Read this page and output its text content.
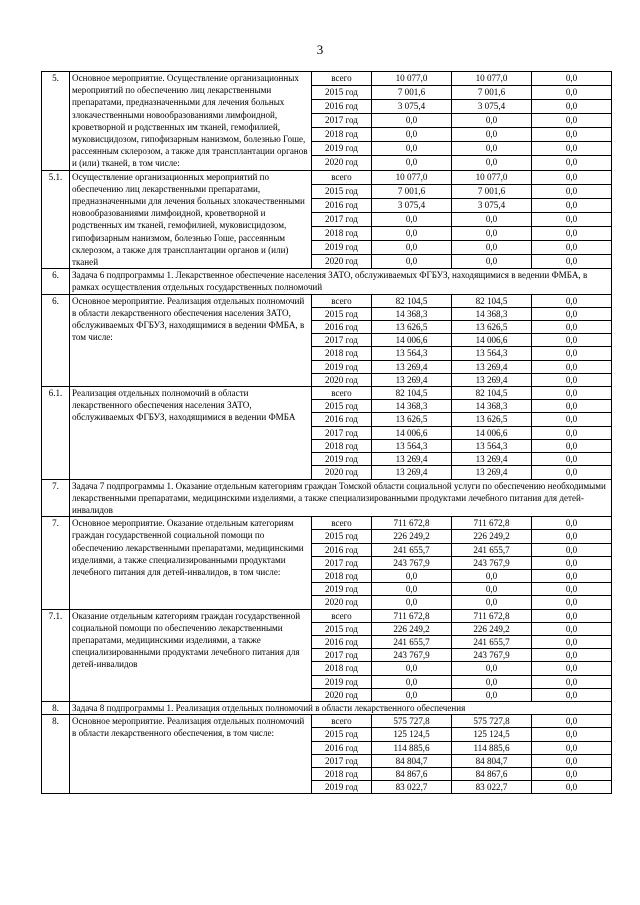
3
5.	Основное мероприятие. Осуществление организационных мероприятий по обеспечению лиц лекарственными препаратами, предназначенными для лечения больных злокачественными новообразованиями лимфоидной, кроветворной и родственных им тканей, гемофилией, муковисцидозом, гипофизарным нанизмом, болезнью Гоше, рассеянным склерозом, а также для трансплантации органов и (или) тканей, в том числе:	всего	10 077,0	10 077,0	0,0
		2015 год	7 001,6	7 001,6	0,0
		2016 год	3 075,4	3 075,4	0,0
		2017 год	0,0	0,0	0,0
		2018 год	0,0	0,0	0,0
		2019 год	0,0	0,0	0,0
		2020 год	0,0	0,0	0,0
5.1.	Осуществление организационных мероприятий по обеспечению лиц лекарственными препаратами, предназначенными для лечения больных злокачественными новообразованиями лимфоидной, кроветворной и родственных им тканей, гемофилией, муковисцидозом, гипофизарным нанизмом, болезнью Гоше, рассеянным склерозом, а также для трансплантации органов и (или) тканей	всего	10 077,0	10 077,0	0,0
		2015 год	7 001,6	7 001,6	0,0
		2016 год	3 075,4	3 075,4	0,0
		2017 год	0,0	0,0	0,0
		2018 год	0,0	0,0	0,0
		2019 год	0,0	0,0	0,0
		2020 год	0,0	0,0	0,0
6.	Задача 6 подпрограммы 1. Лекарственное обеспечение населения ЗАТО, обслуживаемых ФГБУЗ, находящимися в ведении ФМБА, в рамках осуществления отдельных государственных полномочий				
6.	Основное мероприятие. Реализация отдельных полномочий в области лекарственного обеспечения населения ЗАТО, обслуживаемых ФГБУЗ, находящимися в ведении ФМБА, в том числе:	всего	82 104,5	82 104,5	0,0
		2015 год	14 368,3	14 368,3	0,0
		2016 год	13 626,5	13 626,5	0,0
		2017 год	14 006,6	14 006,6	0,0
		2018 год	13 564,3	13 564,3	0,0
		2019 год	13 269,4	13 269,4	0,0
		2020 год	13 269,4	13 269,4	0,0
6.1.	Реализация отдельных полномочий в области лекарственного обеспечения населения ЗАТО, обслуживаемых ФГБУЗ, находящимися в ведении ФМБА	всего	82 104,5	82 104,5	0,0
		2015 год	14 368,3	14 368,3	0,0
		2016 год	13 626,5	13 626,5	0,0
		2017 год	14 006,6	14 006,6	0,0
		2018 год	13 564,3	13 564,3	0,0
		2019 год	13 269,4	13 269,4	0,0
		2020 год	13 269,4	13 269,4	0,0
7.	Задача 7 подпрограммы 1. Оказание отдельным категориям граждан Томской области социальной услуги по обеспечению необходимыми лекарственными препаратами, медицинскими изделиями, а также специализированными продуктами лечебного питания для детей-инвалидов				
7.	Основное мероприятие. Оказание отдельным категориям граждан государственной социальной помощи по обеспечению лекарственными препаратами, медицинскими изделиями, а также специализированными продуктами лечебного питания для детей-инвалидов, в том числе:	всего	711 672,8	711 672,8	0,0
		2015 год	226 249,2	226 249,2	0,0
		2016 год	241 655,7	241 655,7	0,0
		2017 год	243 767,9	243 767,9	0,0
		2018 год	0,0	0,0	0,0
		2019 год	0,0	0,0	0,0
		2020 год	0,0	0,0	0,0
7.1.	Оказание отдельным категориям граждан государственной социальной помощи по обеспечению лекарственными препаратами, медицинскими изделиями, а также специализированными продуктами лечебного питания для детей-инвалидов	всего	711 672,8	711 672,8	0,0
		2015 год	226 249,2	226 249,2	0,0
		2016 год	241 655,7	241 655,7	0,0
		2017 год	243 767,9	243 767,9	0,0
		2018 год	0,0	0,0	0,0
		2019 год	0,0	0,0	0,0
		2020 год	0,0	0,0	0,0
8.	Задача 8 подпрограммы 1. Реализация отдельных полномочий в области лекарственного обеспечения				
8.	Основное мероприятие. Реализация отдельных полномочий в области лекарственного обеспечения, в том числе:	всего	575 727,8	575 727,8	0,0
		2015 год	125 124,5	125 124,5	0,0
		2016 год	114 885,6	114 885,6	0,0
		2017 год	84 804,7	84 804,7	0,0
		2018 год	84 867,6	84 867,6	0,0
		2019 год	83 022,7	83 022,7	0,0
